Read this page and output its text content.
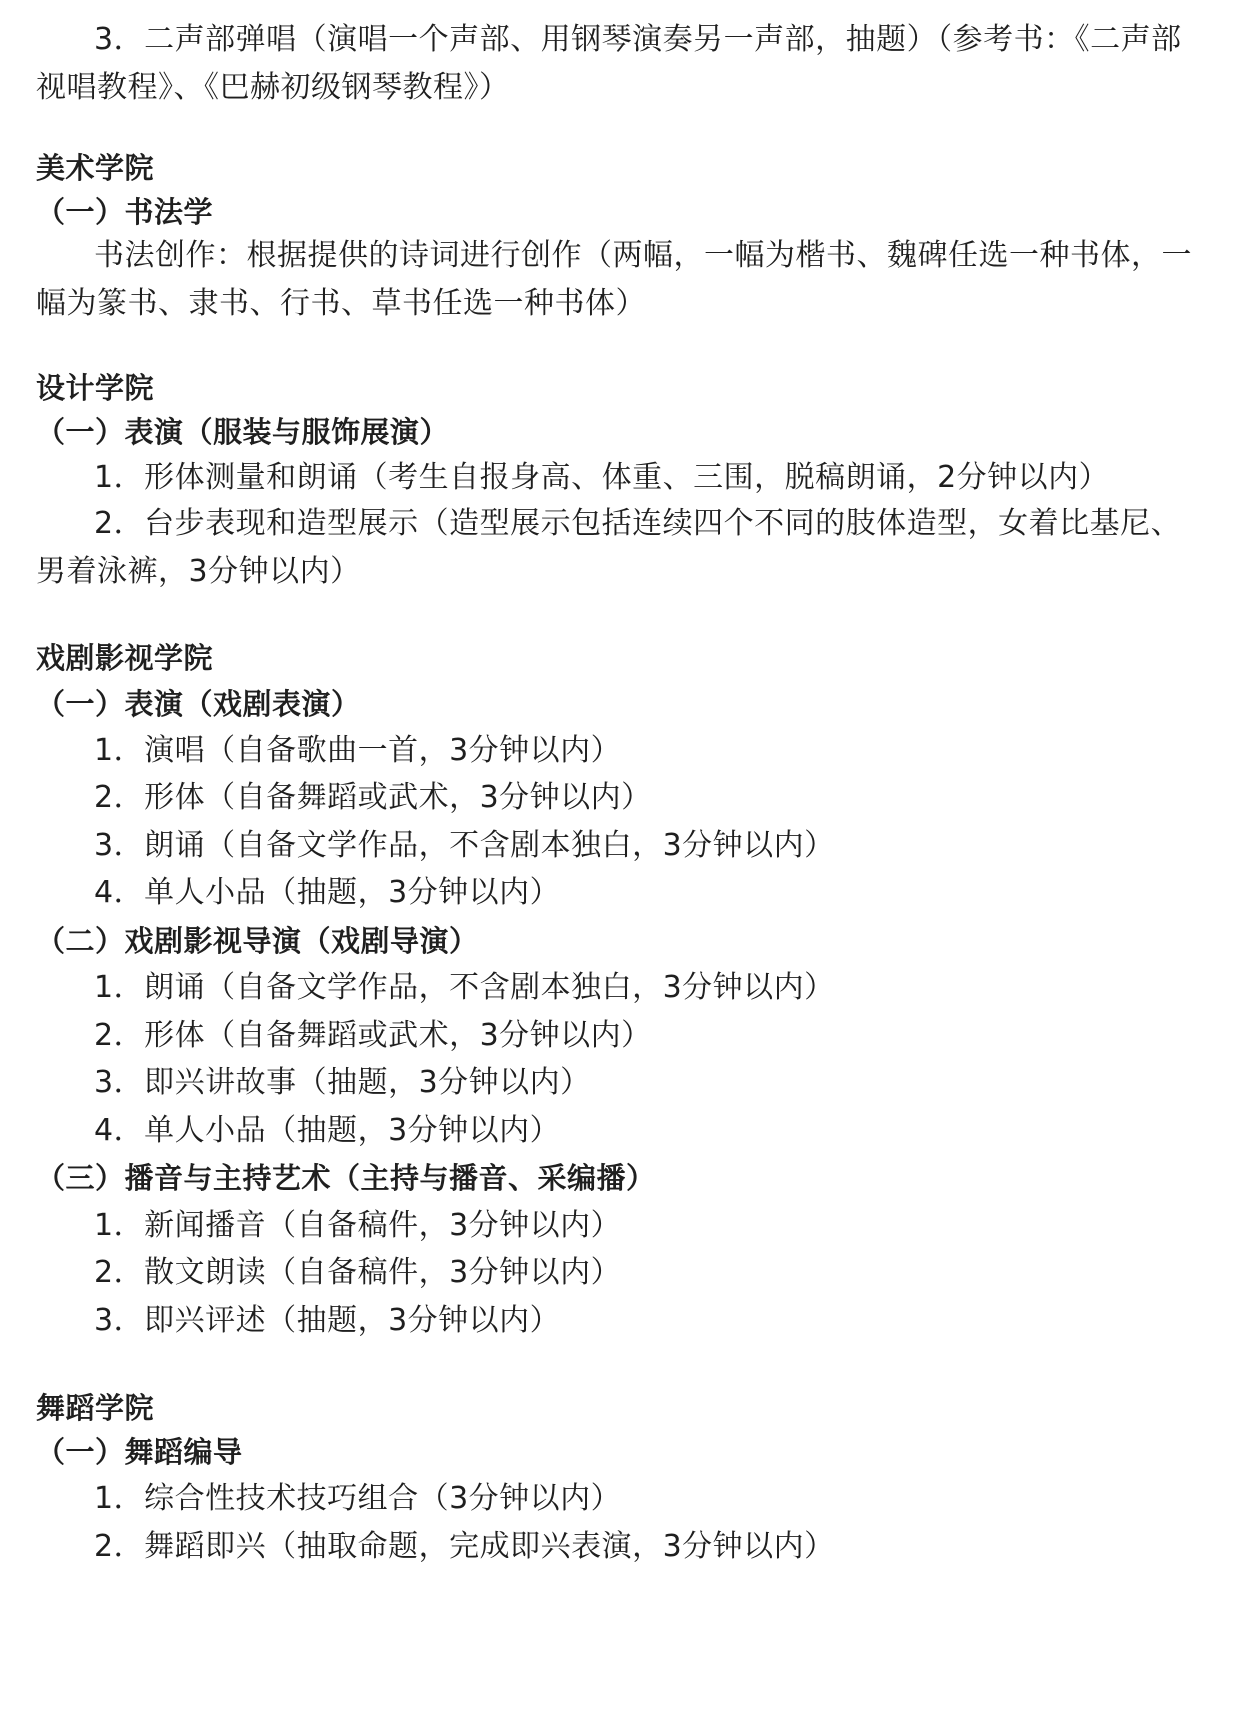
3．二声部弹唱（演唱一个声部、用钢琴演奏另一声部，抽题）（参考书：《二声部视唱教程》、《巴赫初级钢琴教程》）
美术学院
（一）书法学
书法创作：根据提供的诗词进行创作（两幅，一幅为楷书、魏碑任选一种书体，一幅为篆书、隶书、行书、草书任选一种书体）
设计学院
（一）表演（服装与服饰展演）
1．形体测量和朗诵（考生自报身高、体重、三围，脱稿朗诵，2分钟以内）
2．台步表现和造型展示（造型展示包括连续四个不同的肢体造型，女着比基尼、男着泳裤，3分钟以内）
戏剧影视学院
（一）表演（戏剧表演）
1．演唱（自备歌曲一首，3分钟以内）
2．形体（自备舞蹈或武术，3分钟以内）
3．朗诵（自备文学作品，不含剧本独白，3分钟以内）
4．单人小品（抽题，3分钟以内）
（二）戏剧影视导演（戏剧导演）
1．朗诵（自备文学作品，不含剧本独白，3分钟以内）
2．形体（自备舞蹈或武术，3分钟以内）
3．即兴讲故事（抽题，3分钟以内）
4．单人小品（抽题，3分钟以内）
（三）播音与主持艺术（主持与播音、采编播）
1．新闻播音（自备稿件，3分钟以内）
2．散文朗读（自备稿件，3分钟以内）
3．即兴评述（抽题，3分钟以内）
舞蹈学院
（一）舞蹈编导
1．综合性技术技巧组合（3分钟以内）
2．舞蹈即兴（抽取命题，完成即兴表演，3分钟以内）
